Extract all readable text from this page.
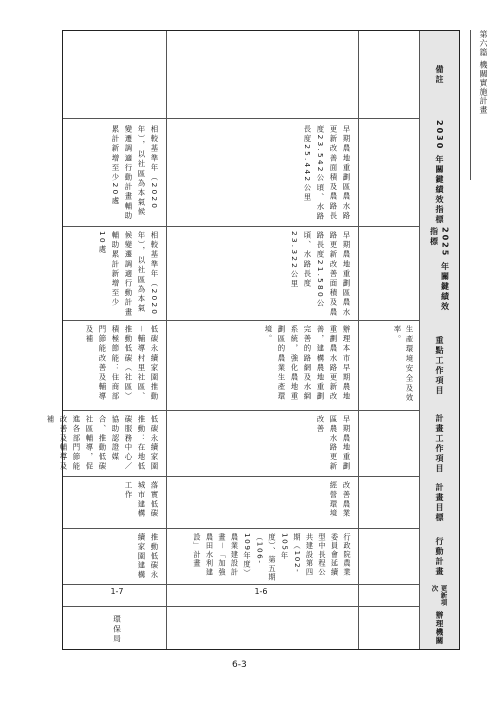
第六篇 機關實施計畫
備註
2030 年關鍵績效指標
2025 年關鍵績效指標
重點工作項目
計畫工作項目
計畫目標
行動計畫
更新項次
辦理機關
生產環境安全及效率。
早期農地重劃區農水路更新改善面積及農路長度23.542公頃、水路長度25.442公里
早期農地重劃區農水路更新改善面積及農路長度21.580公頃、水路長度23.322公里
辦理本市早期農地重劃農水路更新改善，建構農地重劃完善的路網及水網系統，強化農地重劃區的農業生產環境。
早期農地重劃區農水路更新改善
改善農業經營環境
行政院農業委員會延續型中長程公共建設第四期（102-105年度）、第五期（106-109年度）農業建設計畫－「加強農田水利建設」計畫
1-6
相較基準年（2020年），以社區為本氣候變遷調適行動計畫輔助累計新增至少20處
相較基準年（2020年），以社區為本氣候變遷調適行動計畫輔助累計新增至少10處
低碳永續家園推動－輔導村里社區、推動低碳（社區）積極節能：住商部門節能改善及輔導及補
低碳永續家園推動：在地低碳服務中心／協助認證媒合、推動低碳社區輔導，促進各部門節能改善及輔導及補
落實低碳城市建構工作
推動低碳永續家園建構
1-7
環保局
6-3
